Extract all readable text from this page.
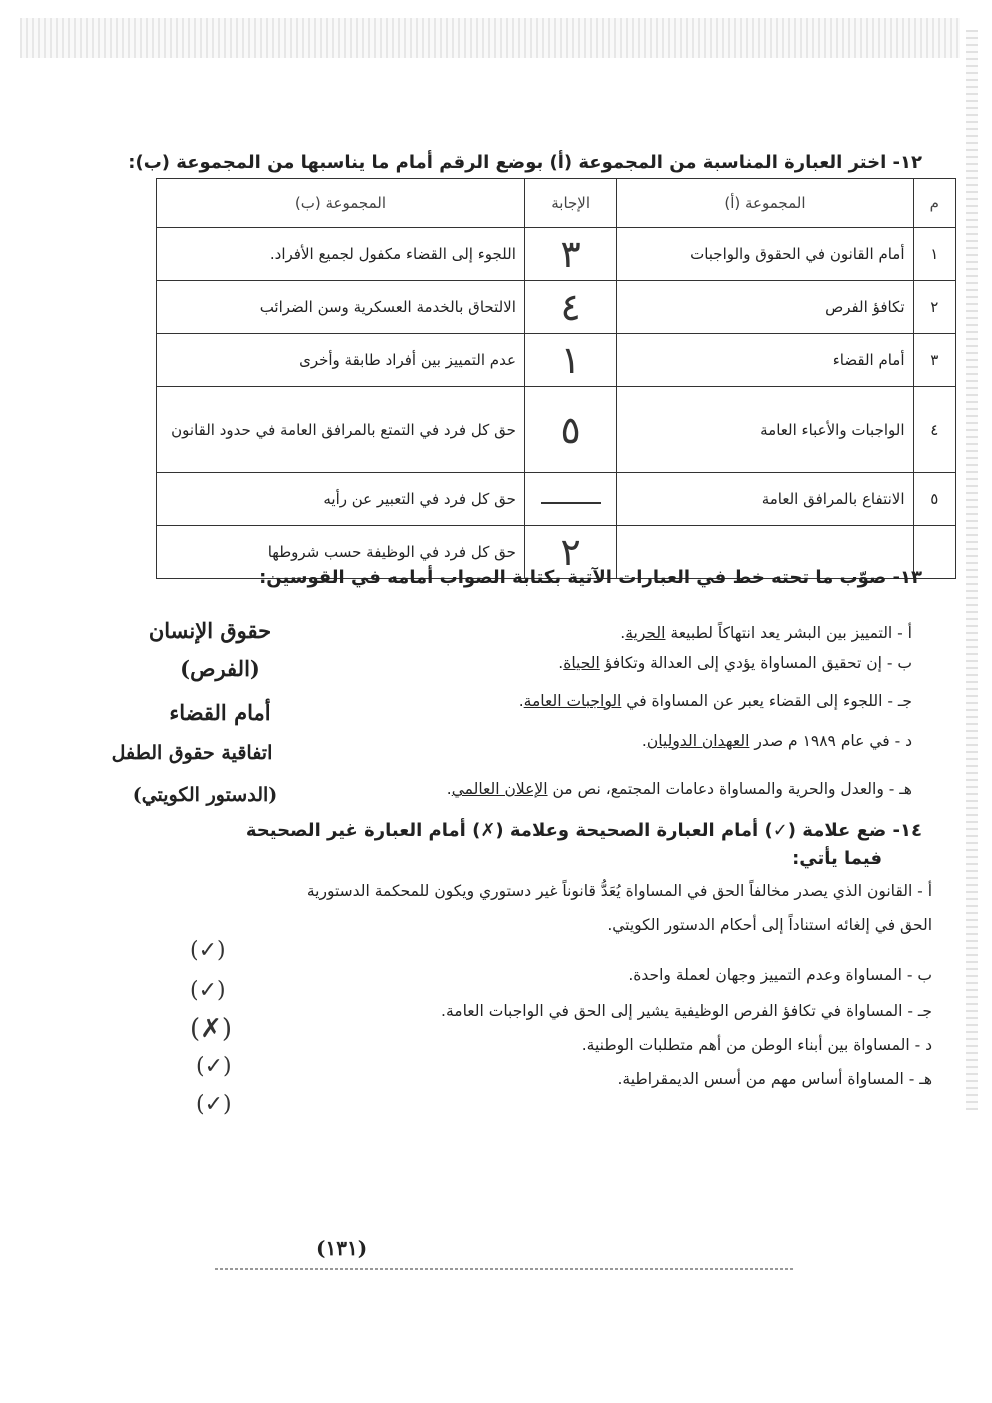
١٢- اختر العبارة المناسبة من المجموعة (أ) بوضع الرقم أمام ما يناسبها من المجموعة (ب):
م	المجموعة (أ)	الإجابة	المجموعة (ب)
١	أمام القانون في الحقوق والواجبات	٣	اللجوء إلى القضاء مكفول لجميع الأفراد.
٢	تكافؤ الفرص	٤	الالتحاق بالخدمة العسكرية وسن الضرائب
٣	أمام القضاء	١	عدم التمييز بين أفراد طابقة وأخرى
٤	الواجبات والأعباء العامة	٥	حق كل فرد في التمتع بالمرافق العامة في حدود القانون
٥	الانتفاع بالمرافق العامة		حق كل فرد في التعبير عن رأيه
		٢	حق كل فرد في الوظيفة حسب شروطها
١٣- صوّب ما تحته خط في العبارات الآتية بكتابة الصواب أمامه في القوسين:
أ - التمييز بين البشر يعد انتهاكاً لطبيعة الحرية.
ب - إن تحقيق المساواة يؤدي إلى العدالة وتكافؤ الحياة.
جـ - اللجوء إلى القضاء يعبر عن المساواة في الواجبات العامة.
د - في عام ١٩٨٩ م صدر العهدان الدوليان.
هـ - والعدل والحرية والمساواة دعامات المجتمع، نص من الإعلان العالمي.
حقوق الإنسان
(الفرص)
أمام القضاء
اتفاقية حقوق الطفل
(الدستور الكويتي)
١٤- ضع علامة (✓) أمام العبارة الصحيحة وعلامة (✗) أمام العبارة غير الصحيحة
فيما يأتي:
أ - القانون الذي يصدر مخالفاً الحق في المساواة يُعَدُّ قانوناً غير دستوري ويكون للمحكمة الدستورية
الحق في إلغائه استناداً إلى أحكام الدستور الكويتي.
ب - المساواة وعدم التمييز وجهان لعملة واحدة.
جـ - المساواة في تكافؤ الفرص الوظيفية يشير إلى الحق في الواجبات العامة.
د - المساواة بين أبناء الوطن من أهم متطلبات الوطنية.
هـ - المساواة أساس مهم من أسس الديمقراطية.
(✓)
(✓)
(✗)
(✓)
(✓)
(١٣١)
